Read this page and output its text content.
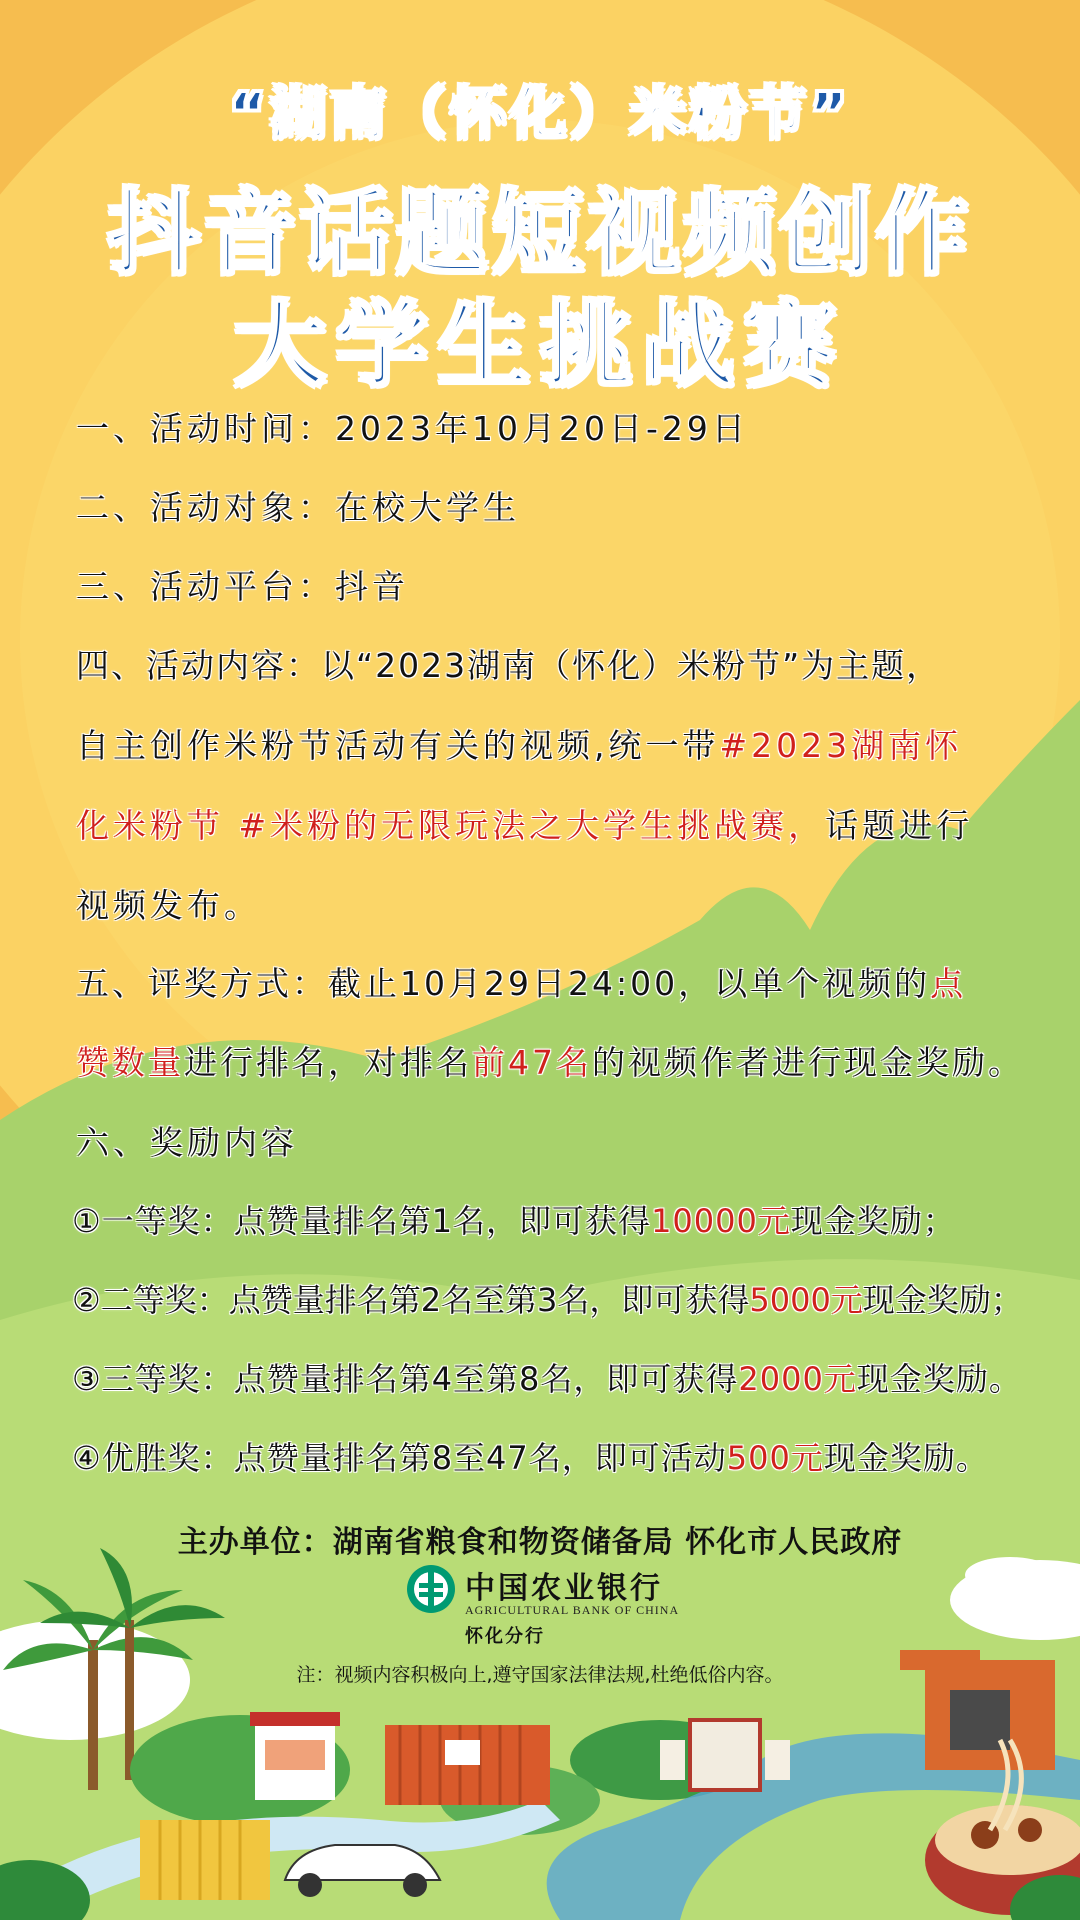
“湖南（怀化）米粉节”
抖音话题短视频创作
大学生挑战赛
一、活动时间：2023年10月20日-29日
二、活动对象：在校大学生
三、活动平台：抖音
四、活动内容：以“2023湖南（怀化）米粉节”为主题，
自主创作米粉节活动有关的视频,统一带#2023湖南怀
化米粉节 #米粉的无限玩法之大学生挑战赛，话题进行
视频发布。
五、评奖方式：截止10月29日24:00，以单个视频的点
赞数量进行排名，对排名前47名的视频作者进行现金奖励。
六、奖励内容
①一等奖：点赞量排名第1名，即可获得10000元现金奖励；
②二等奖：点赞量排名第2名至第3名，即可获得5000元现金奖励；
③三等奖：点赞量排名第4至第8名，即可获得2000元现金奖励。
④优胜奖：点赞量排名第8至47名，即可活动500元现金奖励。
主办单位：湖南省粮食和物资储备局 怀化市人民政府
中国农业银行
AGRICULTURAL BANK OF CHINA
怀化分行
注：视频内容积极向上,遵守国家法律法规,杜绝低俗内容。
